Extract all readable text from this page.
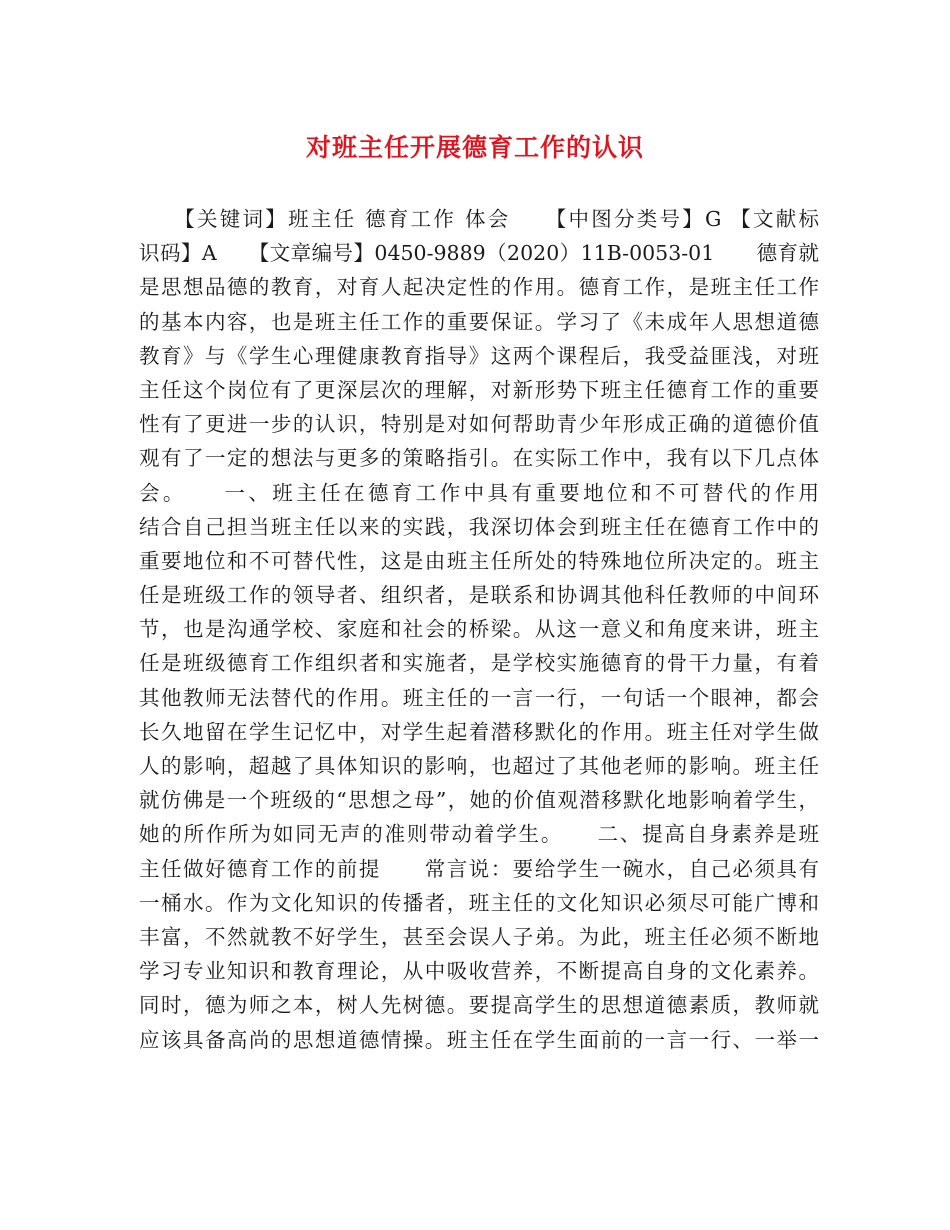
对班主任开展德育工作的认识
　　【关键词】班主任 德育工作 体会　　【中图分类号】G 【文献标
识码】A　　【文章编号】0450-9889（2020）11B-0053-01　　德育就
是思想品德的教育，对育人起决定性的作用。德育工作，是班主任工作
的基本内容，也是班主任工作的重要保证。学习了《未成年人思想道德
教育》与《学生心理健康教育指导》这两个课程后，我受益匪浅，对班
主任这个岗位有了更深层次的理解，对新形势下班主任德育工作的重要
性有了更进一步的认识，特别是对如何帮助青少年形成正确的道德价值
观有了一定的想法与更多的策略指引。在实际工作中，我有以下几点体
会。　　一、班主任在德育工作中具有重要地位和不可替代的作用
结合自己担当班主任以来的实践，我深切体会到班主任在德育工作中的
重要地位和不可替代性，这是由班主任所处的特殊地位所决定的。班主
任是班级工作的领导者、组织者，是联系和协调其他科任教师的中间环
节，也是沟通学校、家庭和社会的桥梁。从这一意义和角度来讲，班主
任是班级德育工作组织者和实施者，是学校实施德育的骨干力量，有着
其他教师无法替代的作用。班主任的一言一行，一句话一个眼神，都会
长久地留在学生记忆中，对学生起着潜移默化的作用。班主任对学生做
人的影响，超越了具体知识的影响，也超过了其他老师的影响。班主任
就仿佛是一个班级的“思想之母”，她的价值观潜移默化地影响着学生，
她的所作所为如同无声的准则带动着学生。　　二、提高自身素养是班
主任做好德育工作的前提　　常言说：要给学生一碗水，自己必须具有
一桶水。作为文化知识的传播者，班主任的文化知识必须尽可能广博和
丰富，不然就教不好学生，甚至会误人子弟。为此，班主任必须不断地
学习专业知识和教育理论，从中吸收营养，不断提高自身的文化素养。
同时，德为师之本，树人先树德。要提高学生的思想道德素质，教师就
应该具备高尚的思想道德情操。班主任在学生面前的一言一行、一举一
